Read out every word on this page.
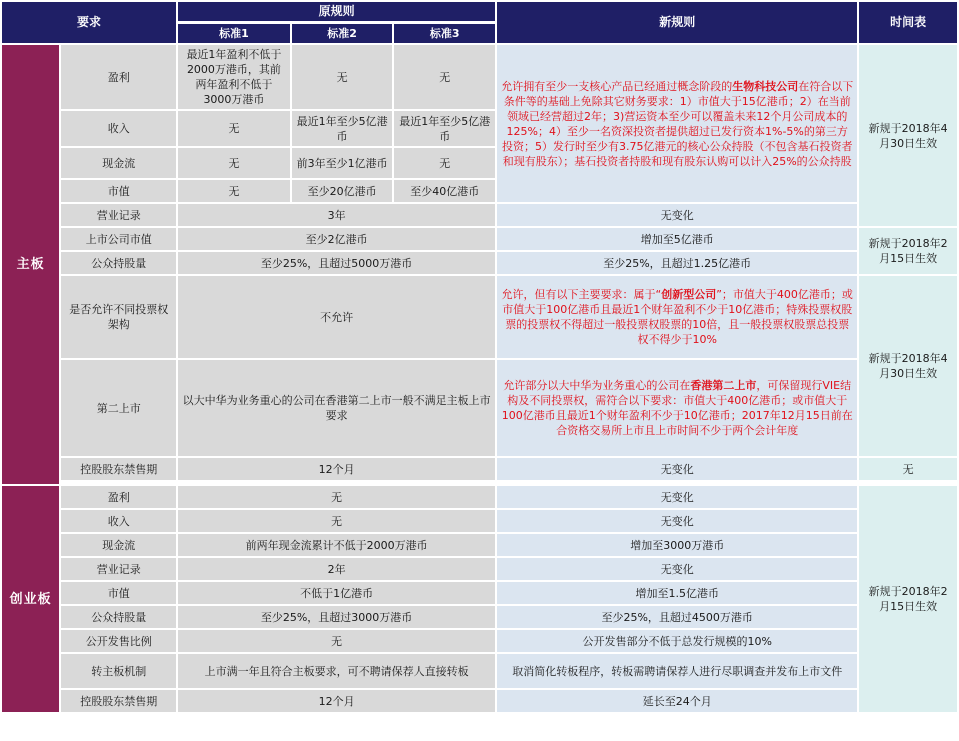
要求		原规则			新规则	时间表
		标准1	标准2	标准3		
主板	盈利	最近1年盈利不低于2000万港币，其前两年盈利不低于3000万港币	无	无	允许拥有至少一支核心产品已经通过概念阶段的生物科技公司在符合以下条件等的基础上免除其它财务要求：1）市值大于15亿港币；2）在当前领域已经营超过2年；3)营运资本至少可以覆盖未来12个月公司成本的125%；4）至少一名资深投资者提供超过已发行资本1%-5%的第三方投资；5）发行时至少有3.75亿港元的核心公众持股（不包含基石投资者和现有股东）；基石投资者持股和现有股东认购可以计入25%的公众持股	新规于2018年4月30日生效
	收入	无	最近1年至少5亿港币	最近1年至少5亿港币		
	现金流	无	前3年至少1亿港币	无		
	市值	无	至少20亿港币	至少40亿港币		
	营业记录	3年			无变化	
	上市公司市值	至少2亿港币			增加至5亿港币	新规于2018年2月15日生效
	公众持股量	至少25%，且超过5000万港币			至少25%，且超过1.25亿港币	
	是否允许不同投票权架构	不允许			允许，但有以下主要要求：属于“创新型公司”；市值大于400亿港币；或市值大于100亿港币且最近1个财年盈利不少于10亿港币；特殊投票权股票的投票权不得超过一般投票权股票的10倍，且一般投票权股票总投票权不得少于10%	新规于2018年4月30日生效
	第二上市	以大中华为业务重心的公司在香港第二上市一般不满足主板上市要求			允许部分以大中华为业务重心的公司在香港第二上市，可保留现行VIE结构及不同投票权，需符合以下要求：市值大于400亿港币；或市值大于100亿港币且最近1个财年盈利不少于10亿港币；2017年12月15日前在合资格交易所上市且上市时间不少于两个会计年度	
	控股股东禁售期	12个月			无变化	无

创业板	盈利	无			无变化	新规于2018年2月15日生效
	收入	无			无变化	
	现金流	前两年现金流累计不低于2000万港币			增加至3000万港币	
	营业记录	2年			无变化	
	市值	不低于1亿港币			增加至1.5亿港币	
	公众持股量	至少25%，且超过3000万港币			至少25%，且超过4500万港币	
	公开发售比例	无			公开发售部分不低于总发行规模的10%	
	转主板机制	上市满一年且符合主板要求，可不聘请保荐人直接转板			取消简化转板程序，转板需聘请保荐人进行尽职调查并发布上市文件	
	控股股东禁售期	12个月			延长至24个月	
